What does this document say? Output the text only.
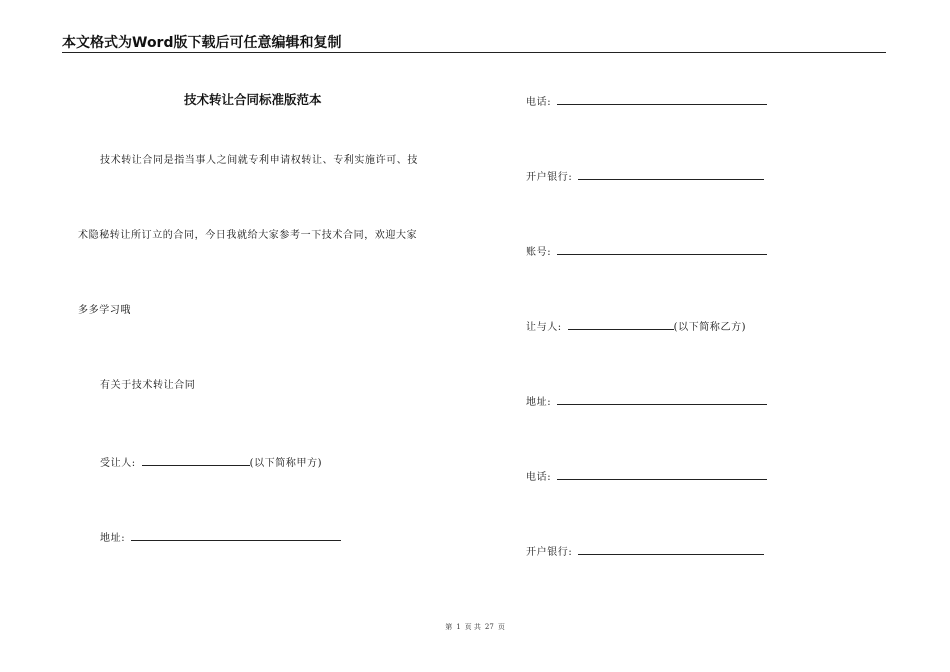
本文格式为Word版下载后可任意编辑和复制
技术转让合同标准版范本
技术转让合同是指当事人之间就专利申请权转让、专利实施许可、技
术隐秘转让所订立的合同，今日我就给大家参考一下技术合同，欢迎大家
多多学习哦
有关于技术转让合同
受让人:	(以下简称甲方)
地址:
电话:
开户银行:
账号:
让与人:	(以下简称乙方)
地址:
电话:
开户银行:
第 1 页 共 27 页
